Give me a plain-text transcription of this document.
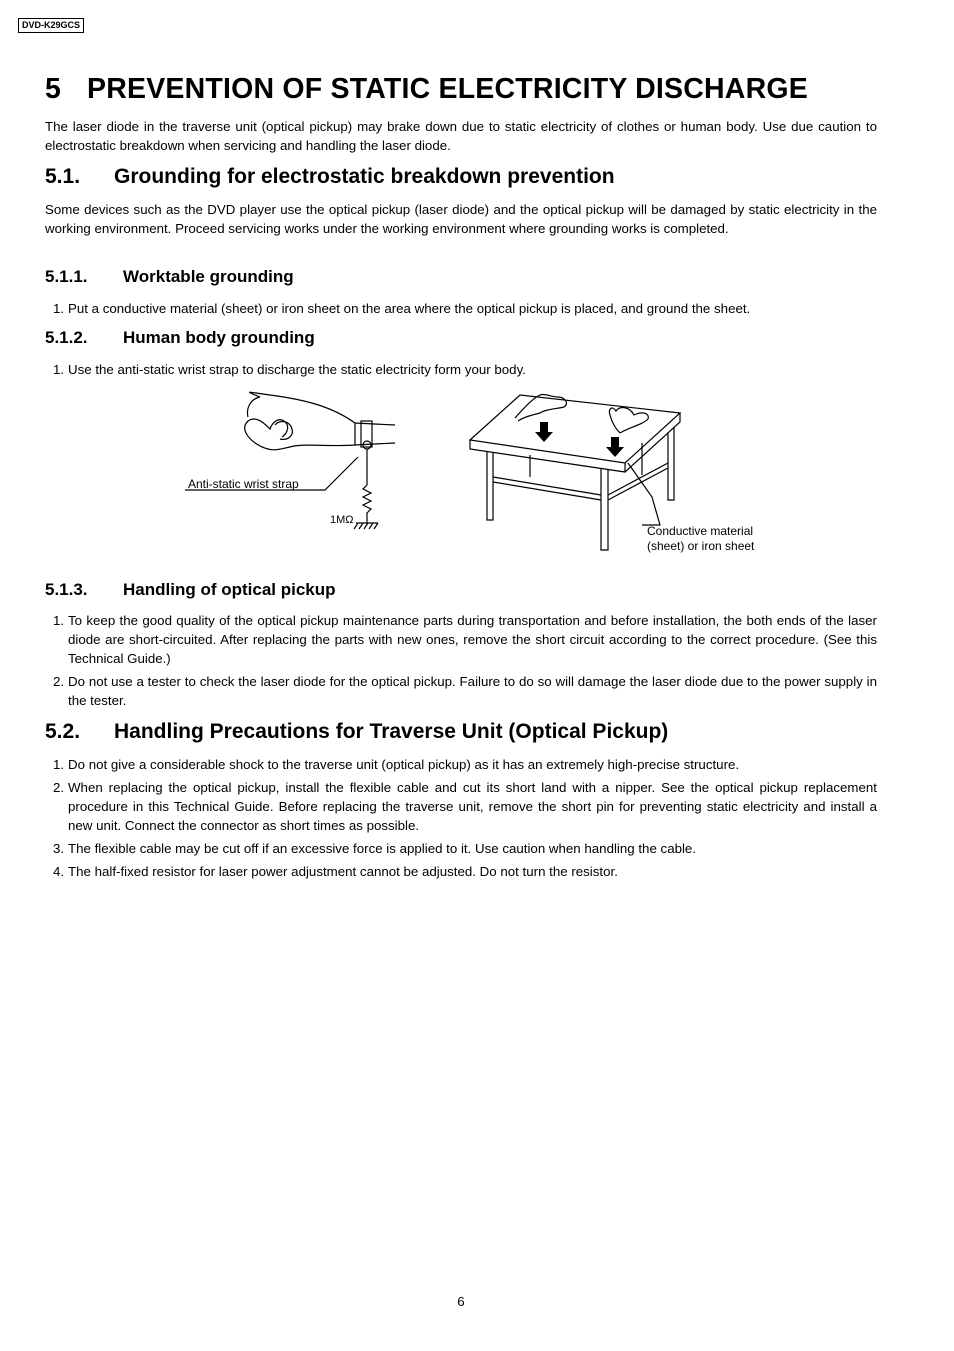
DVD-K29GCS
5 PREVENTION OF STATIC ELECTRICITY DISCHARGE
The laser diode in the traverse unit (optical pickup) may brake down due to static electricity of clothes or human body. Use due caution to electrostatic breakdown when servicing and handling the laser diode.
5.1. Grounding for electrostatic breakdown prevention
Some devices such as the DVD player use the optical pickup (laser diode) and the optical pickup will be damaged by static electricity in the working environment. Proceed servicing works under the working environment where grounding works is completed.
5.1.1. Worktable grounding
1. Put a conductive material (sheet) or iron sheet on the area where the optical pickup is placed, and ground the sheet.
5.1.2. Human body grounding
1. Use the anti-static wrist strap to discharge the static electricity form your body.
Anti-static wrist strap
1MΩ
Conductive material
(sheet) or iron sheet
5.1.3. Handling of optical pickup
1. To keep the good quality of the optical pickup maintenance parts during transportation and before installation, the both ends of the laser diode are short-circuited. After replacing the parts with new ones, remove the short circuit according to the correct procedure. (See this Technical Guide.)
2. Do not use a tester to check the laser diode for the optical pickup. Failure to do so will damage the laser diode due to the power supply in the tester.
5.2. Handling Precautions for Traverse Unit (Optical Pickup)
1. Do not give a considerable shock to the traverse unit (optical pickup) as it has an extremely high-precise structure.
2. When replacing the optical pickup, install the flexible cable and cut its short land with a nipper. See the optical pickup replacement procedure in this Technical Guide. Before replacing the traverse unit, remove the short pin for preventing static electricity and install a new unit. Connect the connector as short times as possible.
3. The flexible cable may be cut off if an excessive force is applied to it. Use caution when handling the cable.
4. The half-fixed resistor for laser power adjustment cannot be adjusted. Do not turn the resistor.
6
